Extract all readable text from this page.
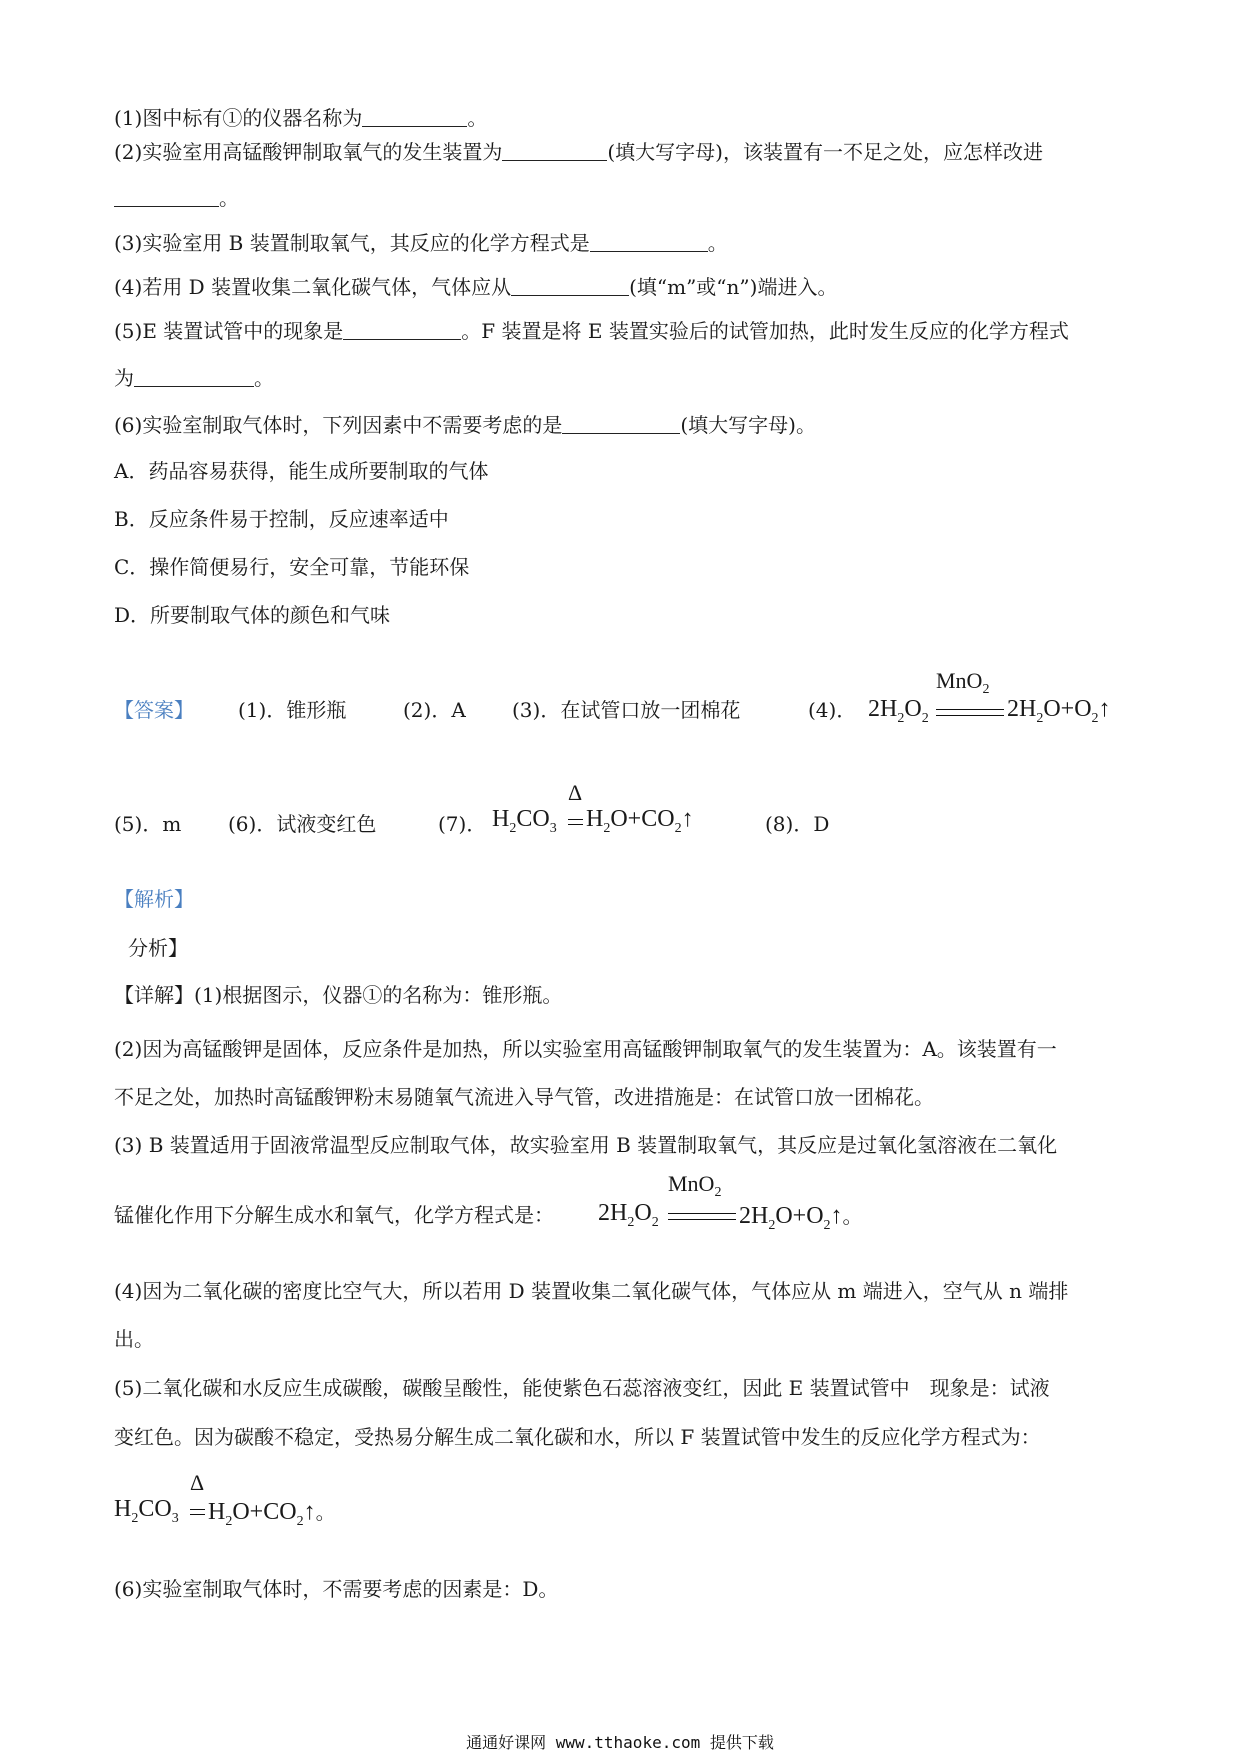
(1)图中标有①的仪器名称为	。
(2)实验室用高锰酸钾制取氧气的发生装置为	(填大写字母)，该装置有一不足之处，应怎样改进
。
(3)实验室用 B 装置制取氧气，其反应的化学方程式是	。
(4)若用 D 装置收集二氧化碳气体，气体应从	(填“m”或“n”)端进入。
(5)E 装置试管中的现象是	。F 装置是将 E 装置实验后的试管加热，此时发生反应的化学方程式
为	。
(6)实验室制取气体时，下列因素中不需要考虑的是	(填大写字母)。
A．药品容易获得，能生成所要制取的气体
B．反应条件易于控制，反应速率适中
C．操作简便易行，安全可靠，节能环保
D．所要制取气体的颜色和气味
【答案】 (1)．锥形瓶	(2)．A (3)．在试管口放一团棉花	(4)． $2H_2O_2$
MnO$_2$
$2H_2O+O_2↑$
(5)．m (6)．试液变红色	(7)． $H_2CO_3$
Δ
$H_2O+CO_2↑$	(8)．D
【解析】
分析】
【详解】(1)根据图示，仪器①的名称为：锥形瓶。
(2)因为高锰酸钾是固体，反应条件是加热，所以实验室用高锰酸钾制取氧气的发生装置为：A。该装置有一
不足之处，加热时高锰酸钾粉末易随氧气流进入导气管，改进措施是：在试管口放一团棉花。
(3) B 装置适用于固液常温型反应制取气体，故实验室用 B 装置制取氧气，其反应是过氧化氢溶液在二氧化
锰催化作用下分解生成水和氧气，化学方程式是： $2H_2O_2$
MnO$_2$
$2H_2O+O_2↑$。
(4)因为二氧化碳的密度比空气大，所以若用 D 装置收集二氧化碳气体，气体应从 m 端进入，空气从 n 端排
出。
(5)二氧化碳和水反应生成碳酸，碳酸呈酸性，能使紫色石蕊溶液变红，因此 E 装置试管中　现象是：试液
变红色。因为碳酸不稳定，受热易分解生成二氧化碳和水，所以 F 装置试管中发生的反应化学方程式为：
$H_2CO_3$
Δ
$H_2O+CO_2↑$。
(6)实验室制取气体时，不需要考虑的因素是：D。
通通好课网 www.tthaoke.com 提供下载
